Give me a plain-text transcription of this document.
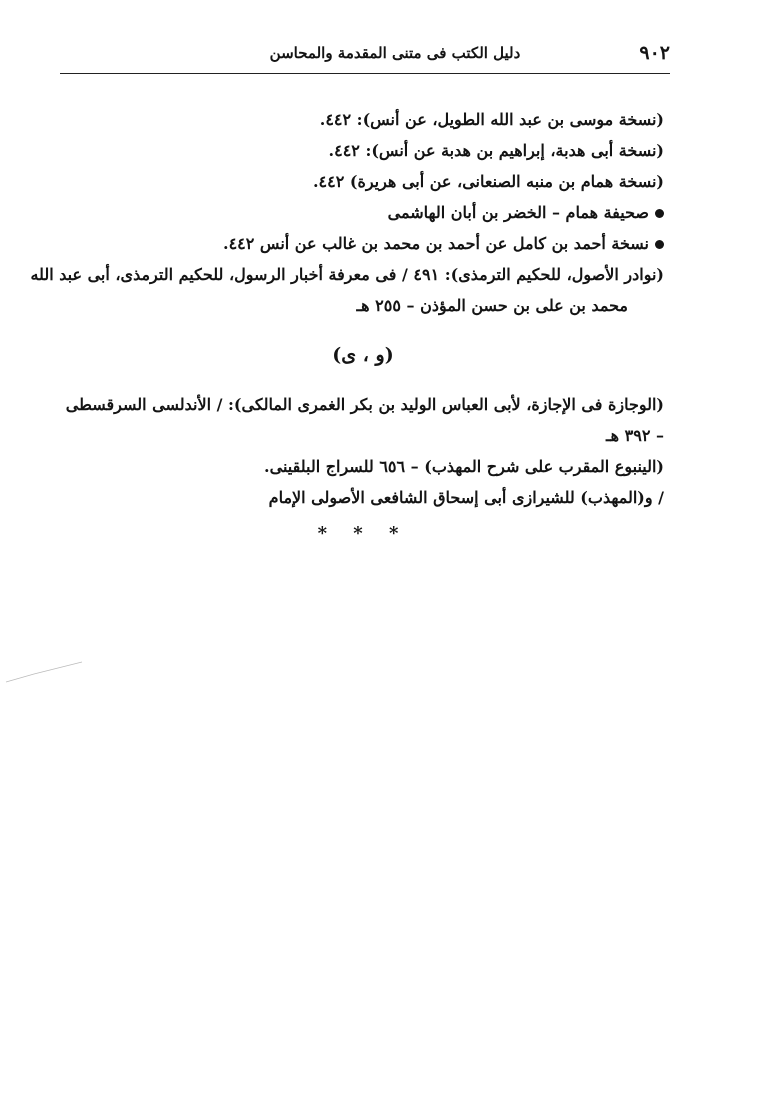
٩٠٢
دليل الكتب فى متنى المقدمة والمحاسن
(نسخة موسى بن عبد الله الطويل، عن أنس): ٤٤٢.
(نسخة أبى هدبة، إبراهيم بن هدبة عن أنس): ٤٤٢.
(نسخة همام بن منبه الصنعانى، عن أبى هريرة) ٤٤٢.
صحيفة همام – الخضر بن أبان الهاشمى
نسخة أحمد بن كامل عن أحمد بن محمد بن غالب عن أنس ٤٤٢.
(نوادر الأصول، للحكيم الترمذى): ٤٩١ / فى معرفة أخبار الرسول، للحكيم الترمذى، أبى عبد الله
محمد بن على بن حسن المؤذن – ٢٥٥ هـ
(و ، ى)
(الوجازة فى الإجازة، لأبى العباس الوليد بن بكر الغمرى المالكى): / الأندلسى السرقسطى – ٣٩٢ هـ
(الينبوع المقرب على شرح المهذب) – ٦٥٦ للسراج البلقينى.
/ و(المهذب) للشيرازى أبى إسحاق الشافعى الأصولى الإمام
* * *
